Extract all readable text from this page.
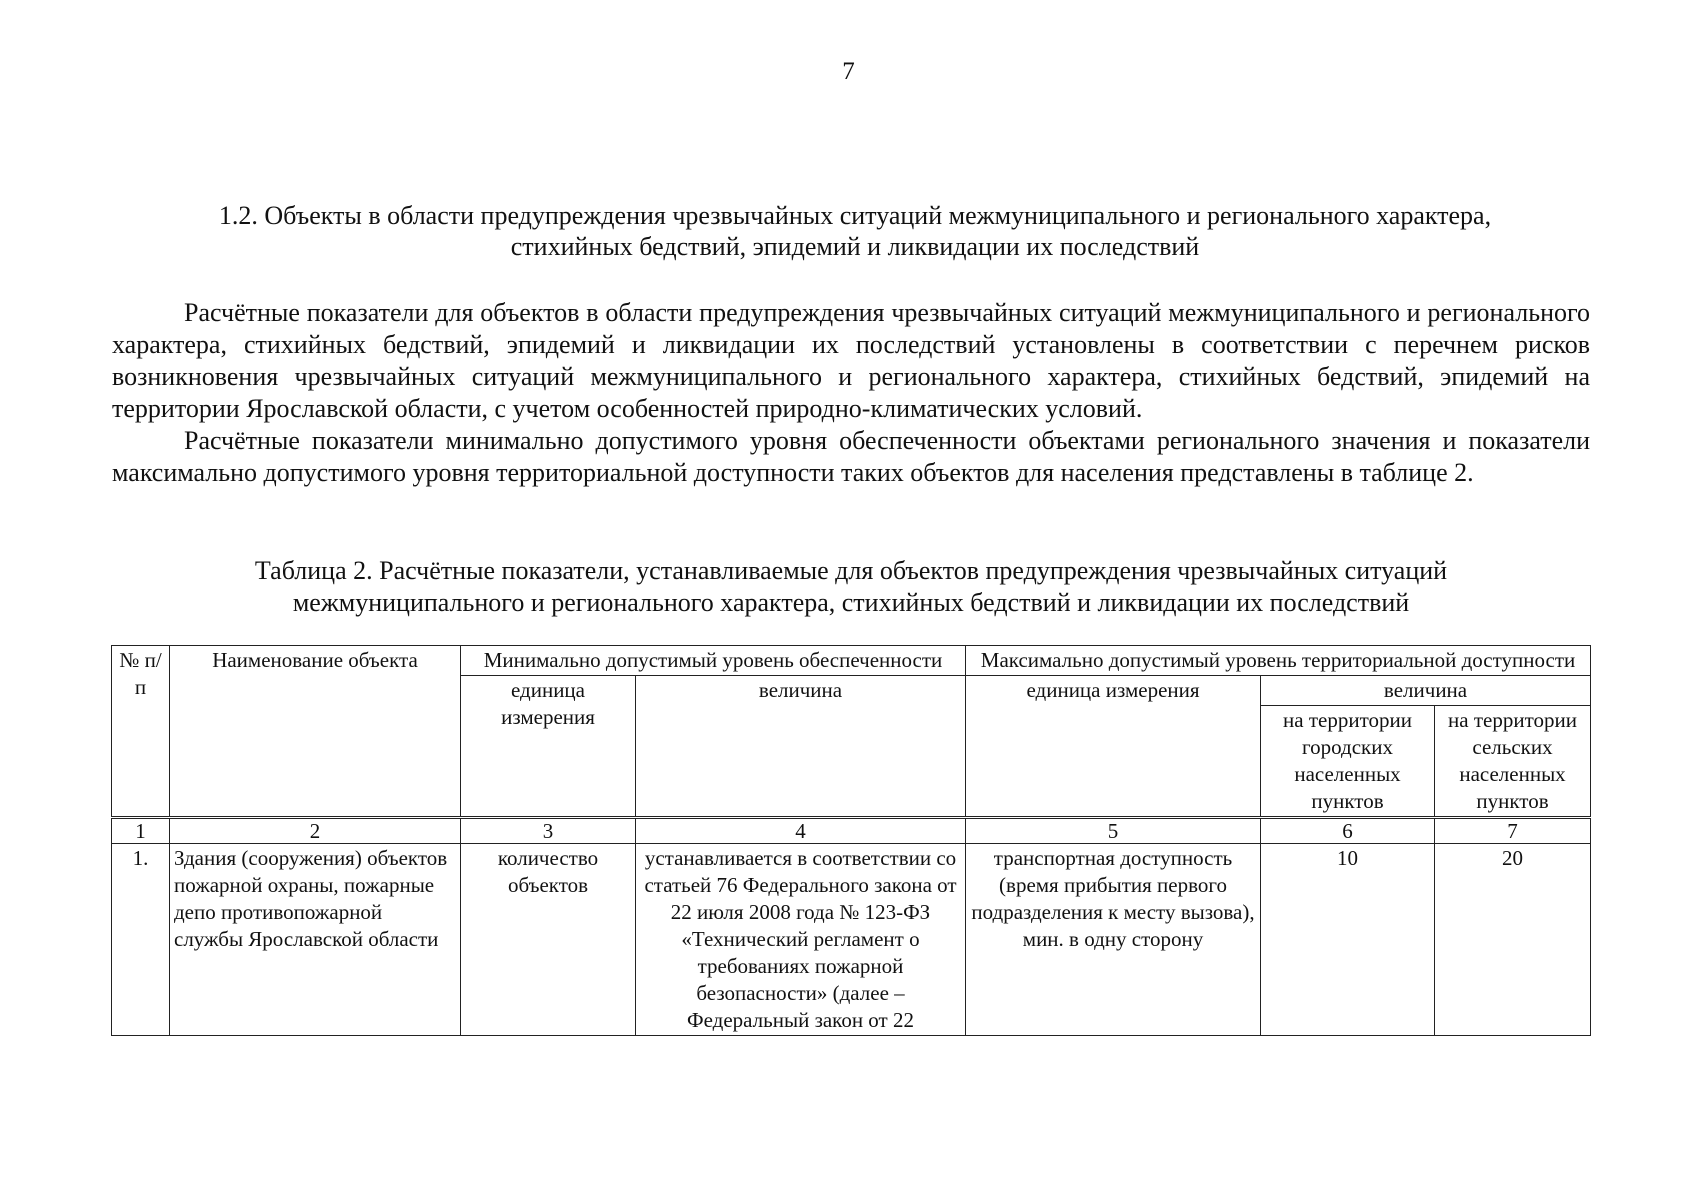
7
1.2. Объекты в области предупреждения чрезвычайных ситуаций межмуниципального и регионального характера,
стихийных бедствий, эпидемий и ликвидации их последствий

Расчётные показатели для объектов в области предупреждения чрезвычайных ситуаций межмуниципального и регионального характера, стихийных бедствий, эпидемий и ликвидации их последствий установлены в соответствии с перечнем рисков возникновения чрезвычайных ситуаций межмуниципального и регионального характера, стихийных бедствий, эпидемий на территории Ярославской области, с учетом особенностей природно-климатических условий.

Расчётные показатели минимально допустимого уровня обеспеченности объектами регионального значения и показатели максимально допустимого уровня территориальной доступности таких объектов для населения представлены в таблице 2.

Таблица 2. Расчётные показатели, устанавливаемые для объектов предупреждения чрезвычайных ситуаций
межмуниципального и регионального характера, стихийных бедствий и ликвидации их последствий
№ п/п	Наименование объекта	Минимально допустимый уровень обеспеченности		Максимально допустимый уровень территориальной доступности		
		единица измерения	величина	единица измерения	величина	
					на территории городских населенных пунктов	на территории сельских населенных пунктов
1	2	3	4	5	6	7
1.	Здания (сооружения) объектов пожарной охраны, пожарные депо противопожарной службы Ярославской области	количество объектов	устанавливается в соответствии со статьей 76 Федерального закона от 22 июля 2008 года № 123-ФЗ «Технический регламент о требованиях пожарной безопасности» (далее – Федеральный закон от 22	транспортная доступность (время прибытия первого подразделения к месту вызова), мин. в одну сторону	10	20
